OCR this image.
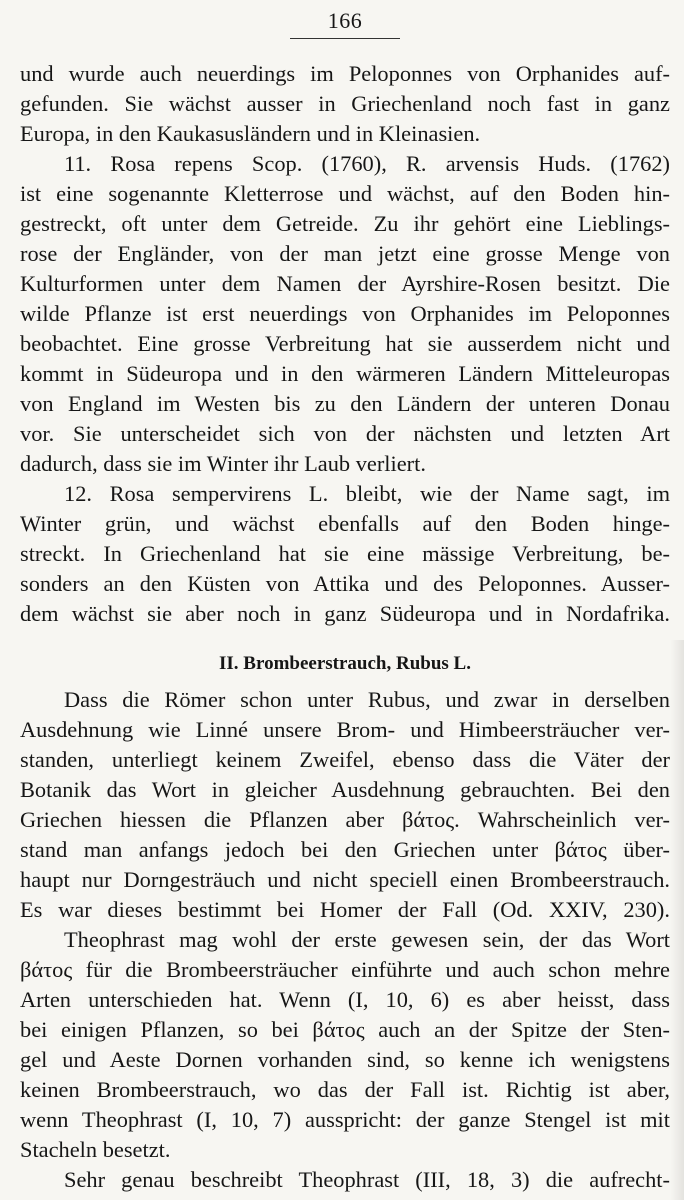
166
und wurde auch neuerdings im Peloponnes von Orphanides auf-
gefunden. Sie wächst ausser in Griechenland noch fast in ganz
Europa, in den Kaukasusländern und in Kleinasien.
11. Rosa repens Scop. (1760), R. arvensis Huds. (1762)
ist eine sogenannte Kletterrose und wächst, auf den Boden hin-
gestreckt, oft unter dem Getreide. Zu ihr gehört eine Lieblings-
rose der Engländer, von der man jetzt eine grosse Menge von
Kulturformen unter dem Namen der Ayrshire-Rosen besitzt. Die
wilde Pflanze ist erst neuerdings von Orphanides im Peloponnes
beobachtet. Eine grosse Verbreitung hat sie ausserdem nicht und
kommt in Südeuropa und in den wärmeren Ländern Mitteleuropas
von England im Westen bis zu den Ländern der unteren Donau
vor. Sie unterscheidet sich von der nächsten und letzten Art
dadurch, dass sie im Winter ihr Laub verliert.
12. Rosa sempervirens L. bleibt, wie der Name sagt, im
Winter grün, und wächst ebenfalls auf den Boden hinge-
streckt. In Griechenland hat sie eine mässige Verbreitung, be-
sonders an den Küsten von Attika und des Peloponnes. Ausser-
dem wächst sie aber noch in ganz Südeuropa und in Nordafrika.
II. Brombeerstrauch, Rubus L.
Dass die Römer schon unter Rubus, und zwar in derselben
Ausdehnung wie Linné unsere Brom- und Himbeersträucher ver-
standen, unterliegt keinem Zweifel, ebenso dass die Väter der
Botanik das Wort in gleicher Ausdehnung gebrauchten. Bei den
Griechen hiessen die Pflanzen aber βάτος. Wahrscheinlich ver-
stand man anfangs jedoch bei den Griechen unter βάτος über-
haupt nur Dorngesträuch und nicht speciell einen Brombeerstrauch.
Es war dieses bestimmt bei Homer der Fall (Od. XXIV, 230).
Theophrast mag wohl der erste gewesen sein, der das Wort
βάτος für die Brombeersträucher einführte und auch schon mehre
Arten unterschieden hat. Wenn (I, 10, 6) es aber heisst, dass
bei einigen Pflanzen, so bei βάτος auch an der Spitze der Sten-
gel und Aeste Dornen vorhanden sind, so kenne ich wenigstens
keinen Brombeerstrauch, wo das der Fall ist. Richtig ist aber,
wenn Theophrast (I, 10, 7) ausspricht: der ganze Stengel ist mit
Stacheln besetzt.
Sehr genau beschreibt Theophrast (III, 18, 3) die aufrecht-
